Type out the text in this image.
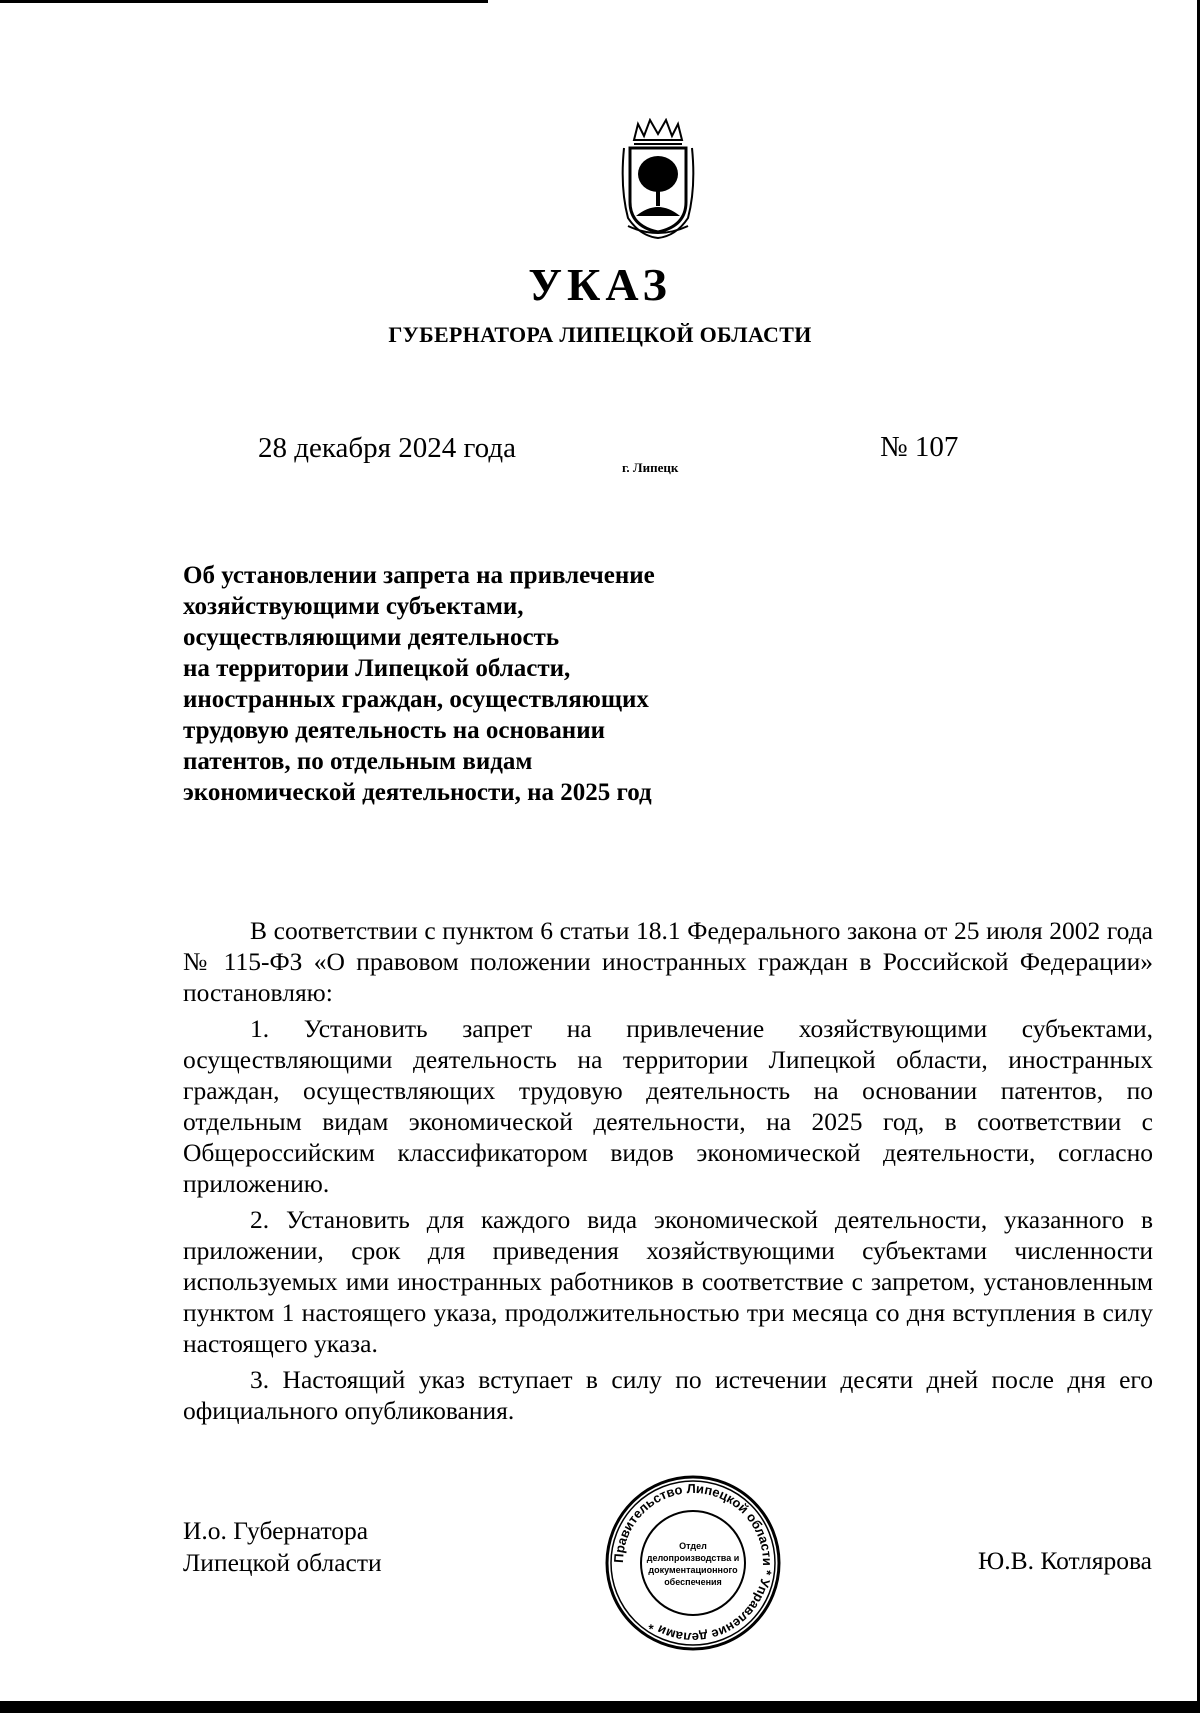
УКАЗ
ГУБЕРНАТОРА ЛИПЕЦКОЙ ОБЛАСТИ
28 декабря 2024 года
г. Липецк
№ 107
Об установлении запрета на привлечение
хозяйствующими субъектами,
осуществляющими деятельность
на территории Липецкой области,
иностранных граждан, осуществляющих
трудовую деятельность на основании
патентов, по отдельным видам
экономической деятельности, на 2025 год

В соответствии с пунктом 6 статьи 18.1 Федерального закона от 25 июля 2002 года № 115-ФЗ «О правовом положении иностранных граждан в Российской Федерации» постановляю:

1. Установить запрет на привлечение хозяйствующими субъектами, осуществляющими деятельность на территории Липецкой области, иностранных граждан, осуществляющих трудовую деятельность на основании патентов, по отдельным видам экономической деятельности, на 2025 год, в соответствии с Общероссийским классификатором видов экономической деятельности, согласно приложению.

2. Установить для каждого вида экономической деятельности, указанного в приложении, срок для приведения хозяйствующими субъектами численности используемых ими иностранных работников в соответствие с запретом, установленным пунктом 1 настоящего указа, продолжительностью три месяца со дня вступления в силу настоящего указа.

3. Настоящий указ вступает в силу по истечении десяти дней после дня его официального опубликования.

И.о. Губернатора
Липецкой области	Ю.В. Котлярова
Правительство Липецкой области * Управление делами *
Отдел
делопроизводства и
документационного
обеспечения
